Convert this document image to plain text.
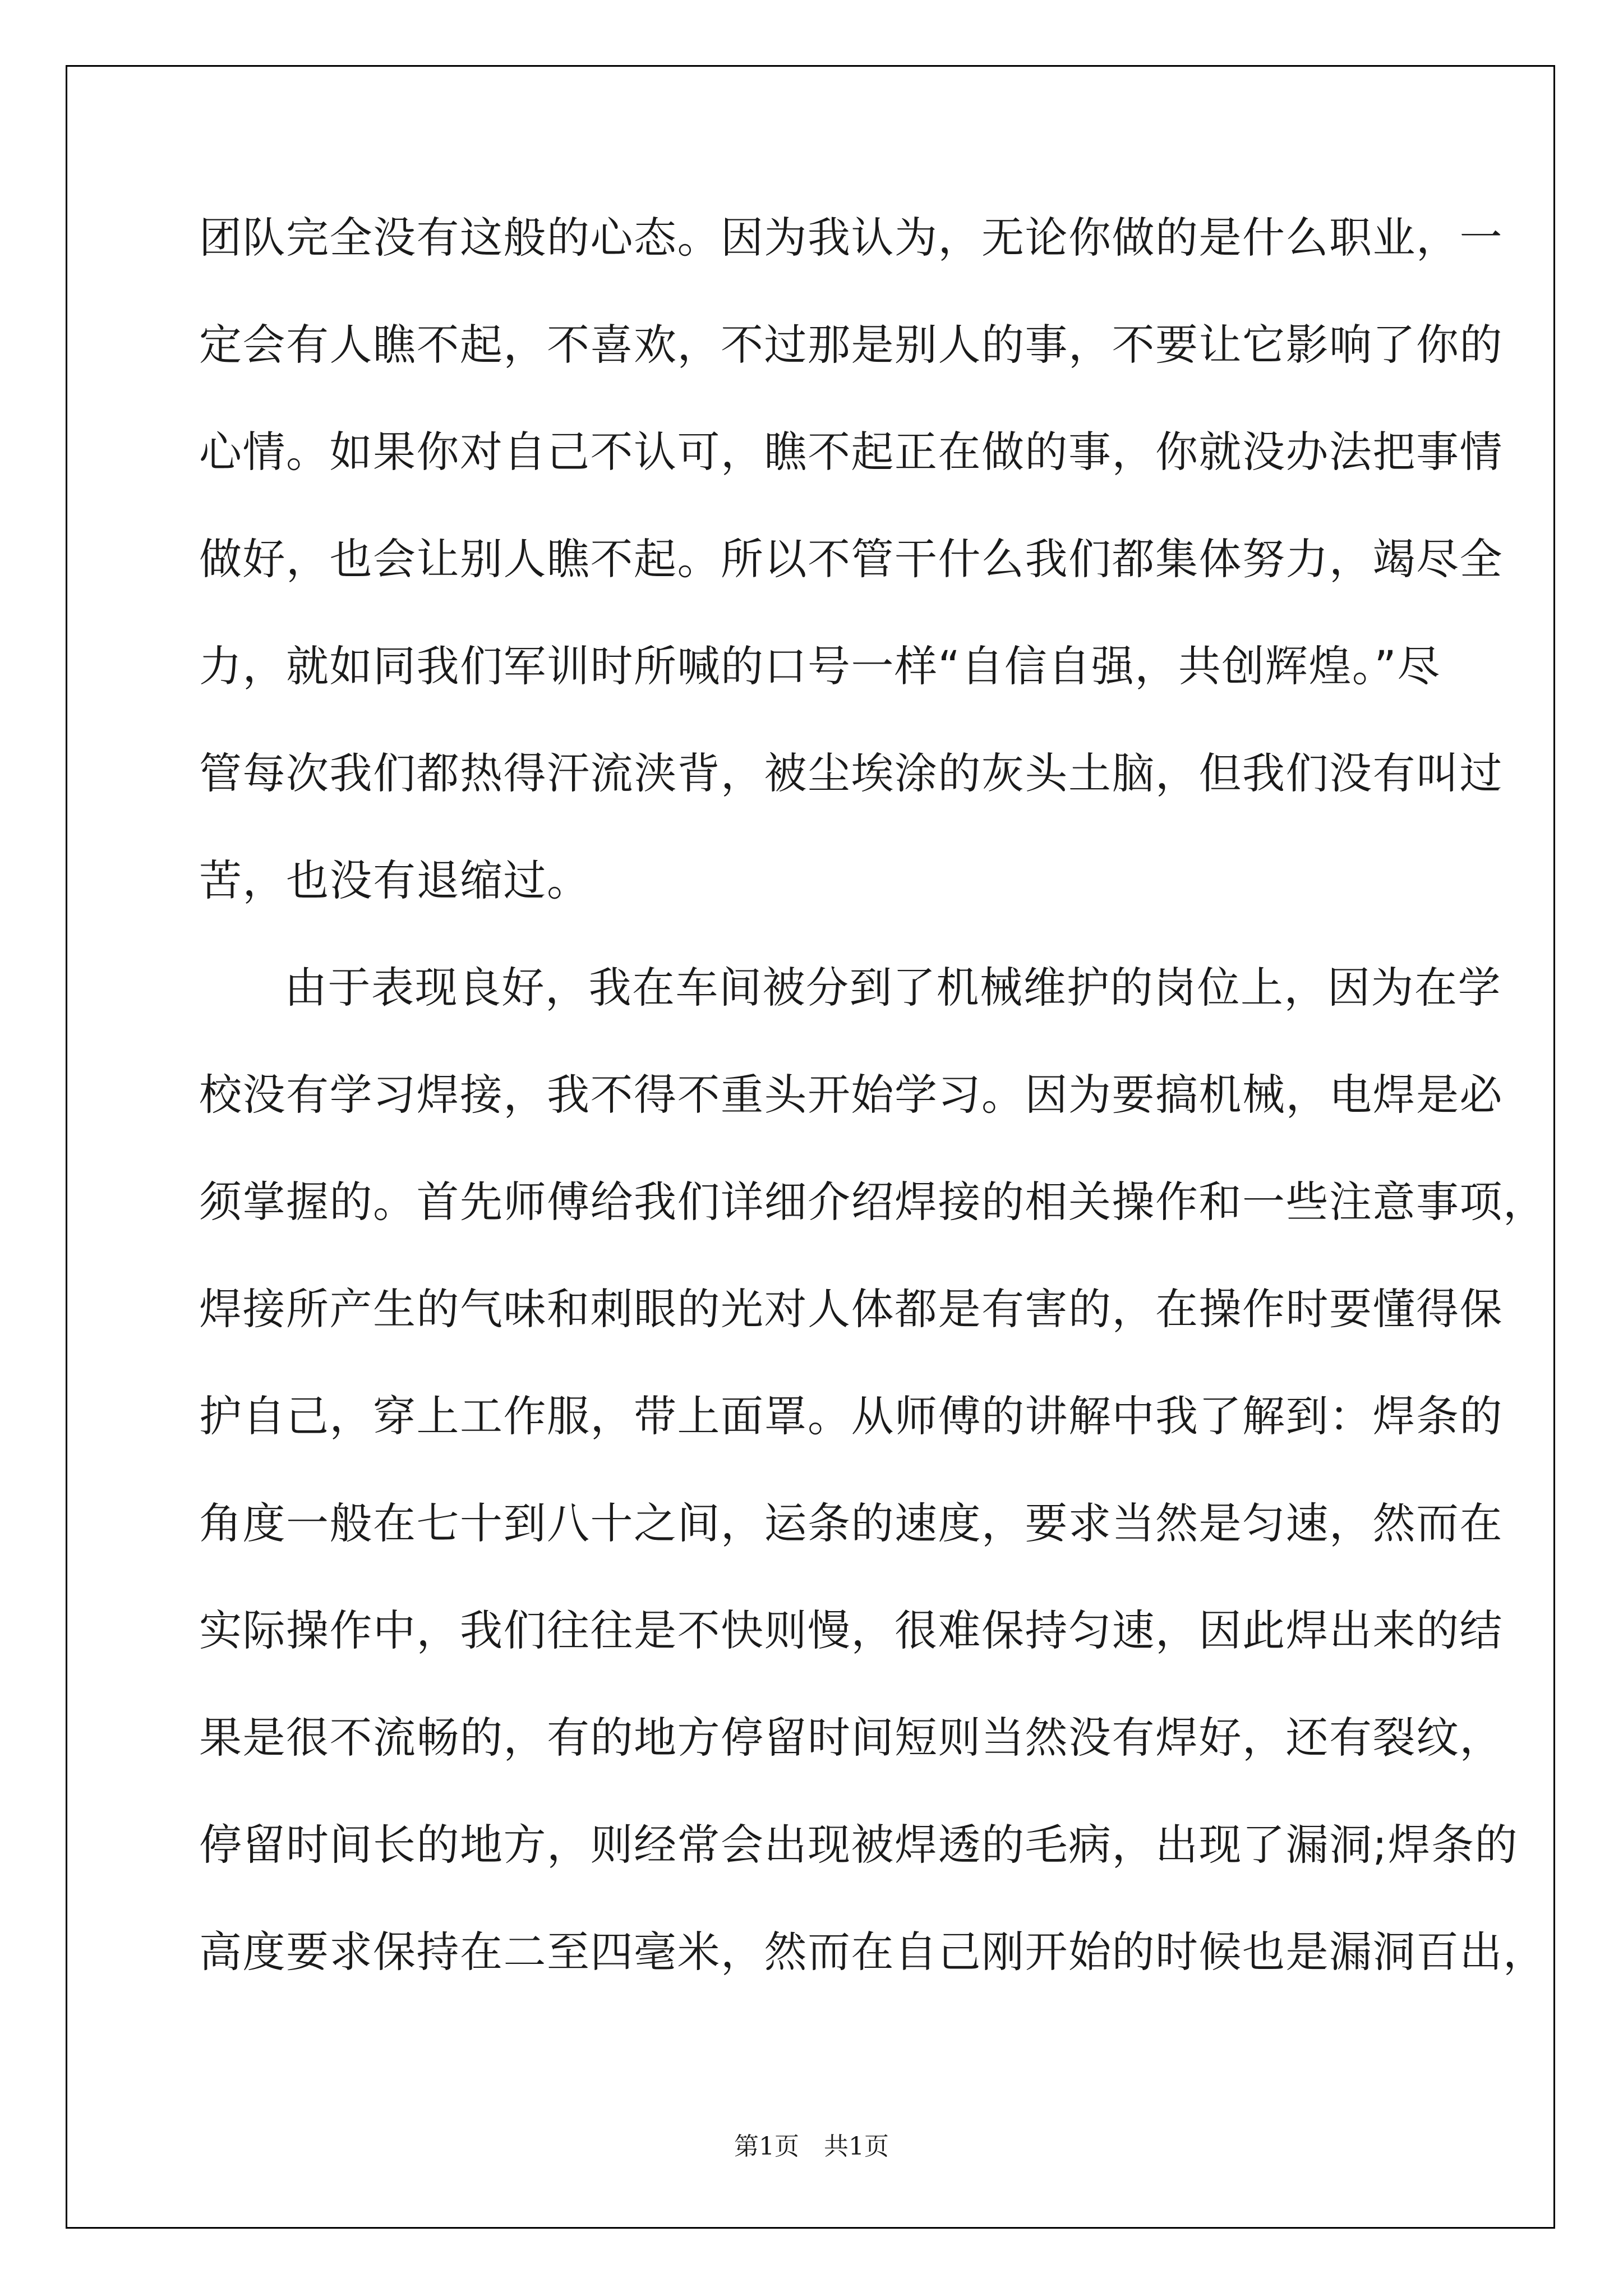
团队完全没有这般的心态。因为我认为，无论你做的是什么职业，一
定会有人瞧不起，不喜欢，不过那是别人的事，不要让它影响了你的
心情。如果你对自己不认可，瞧不起正在做的事，你就没办法把事情
做好，也会让别人瞧不起。所以不管干什么我们都集体努力，竭尽全
力，就如同我们军训时所喊的口号一样“自信自强，共创辉煌。”尽
管每次我们都热得汗流浃背，被尘埃涂的灰头土脑，但我们没有叫过
苦，也没有退缩过。
由于表现良好，我在车间被分到了机械维护的岗位上，因为在学
校没有学习焊接，我不得不重头开始学习。因为要搞机械，电焊是必
须掌握的。首先师傅给我们详细介绍焊接的相关操作和一些注意事项，
焊接所产生的气味和刺眼的光对人体都是有害的，在操作时要懂得保
护自己，穿上工作服，带上面罩。从师傅的讲解中我了解到：焊条的
角度一般在七十到八十之间，运条的速度，要求当然是匀速，然而在
实际操作中，我们往往是不快则慢，很难保持匀速，因此焊出来的结
果是很不流畅的，有的地方停留时间短则当然没有焊好，还有裂纹，
停留时间长的地方，则经常会出现被焊透的毛病，出现了漏洞;焊条的
高度要求保持在二至四毫米，然而在自己刚开始的时候也是漏洞百出，
第1页　共1页
